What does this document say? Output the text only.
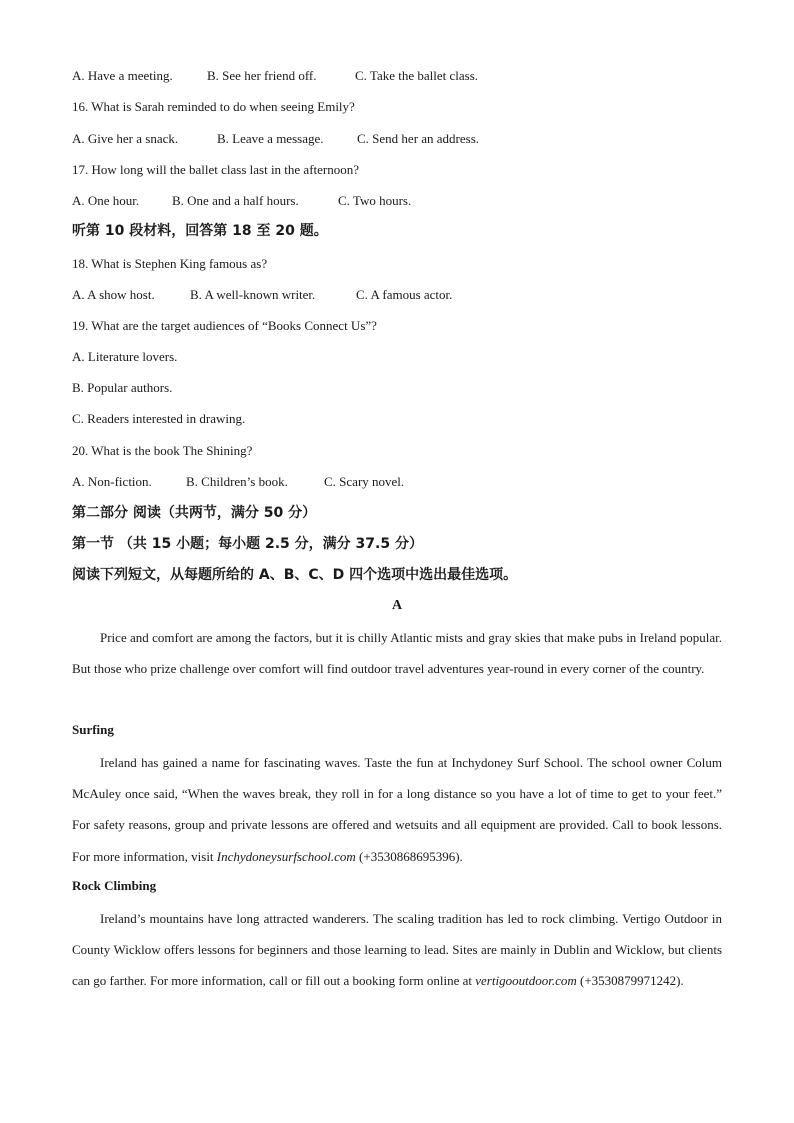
A. Have a meeting.	B. See her friend off.	C. Take the ballet class.
16. What is Sarah reminded to do when seeing Emily?
A. Give her a snack.	B. Leave a message.	C. Send her an address.
17. How long will the ballet class last in the afternoon?
A. One hour.	B. One and a half hours.	C. Two hours.
听第 10 段材料，回答第 18 至 20 题。
18. What is Stephen King famous as?
A. A show host.	B. A well-known writer.	C. A famous actor.
19. What are the target audiences of “Books Connect Us”?
A. Literature lovers.
B. Popular authors.
C. Readers interested in drawing.
20. What is the book The Shining?
A. Non-fiction.	B. Children’s book.	C. Scary novel.
第二部分 阅读（共两节，满分 50 分）
第一节 （共 15 小题；每小题 2.5 分，满分 37.5 分）
阅读下列短文，从每题所给的 A、B、C、D 四个选项中选出最佳选项。
A

Price and comfort are among the factors, but it is chilly Atlantic mists and gray skies that make pubs in Ireland popular. But those who prize challenge over comfort will find outdoor travel adventures year-round in every corner of the country.

Surfing

Ireland has gained a name for fascinating waves. Taste the fun at Inchydoney Surf School. The school owner Colum McAuley once said, “When the waves break, they roll in for a long distance so you have a lot of time to get to your feet.” For safety reasons, group and private lessons are offered and wetsuits and all equipment are provided. Call to book lessons. For more information, visit Inchydoneysurfschool.com (+3530868695396).

Rock Climbing

Ireland’s mountains have long attracted wanderers. The scaling tradition has led to rock climbing. Vertigo Outdoor in County Wicklow offers lessons for beginners and those learning to lead. Sites are mainly in Dublin and Wicklow, but clients can go farther. For more information, call or fill out a booking form online at vertigooutdoor.com (+3530879971242).
